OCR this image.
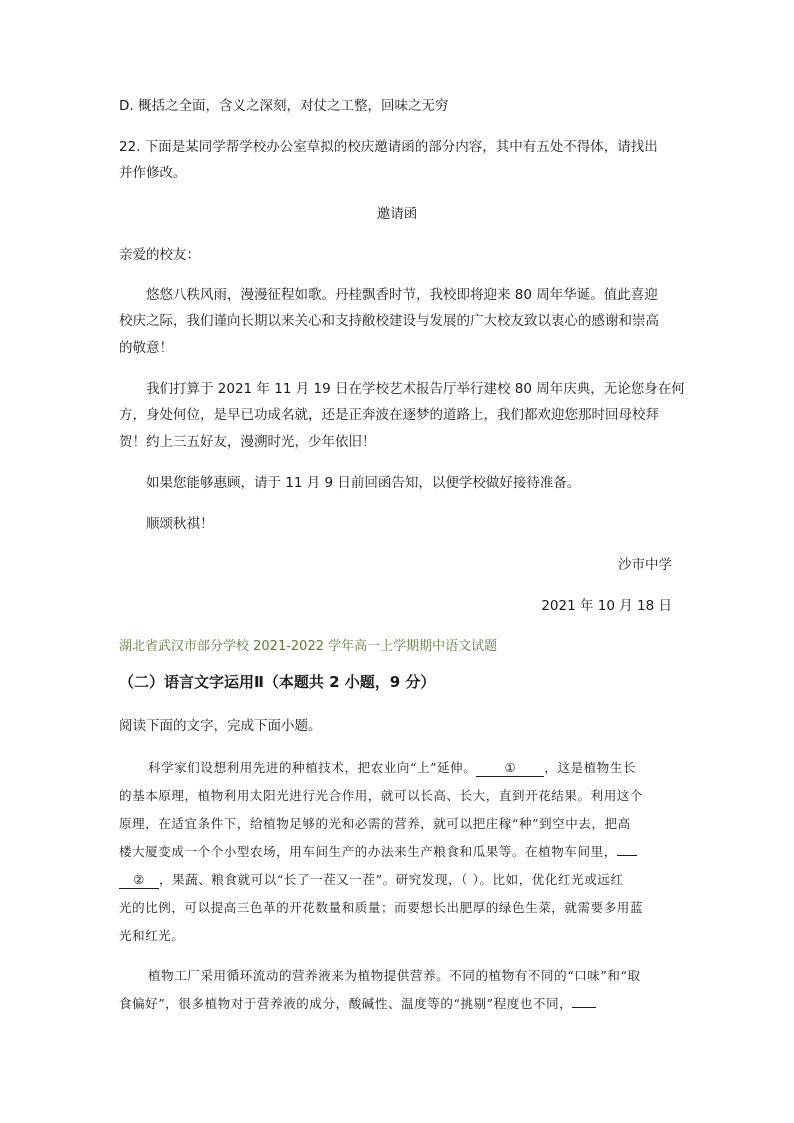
D. 概括之全面，含义之深刻，对仗之工整，回味之无穷

22. 下面是某同学帮学校办公室草拟的校庆邀请函的部分内容，其中有五处不得体，请找出

并作修改。

邀请函

亲爱的校友：

悠悠八秩风雨，漫漫征程如歌。丹桂飘香时节，我校即将迎来 80 周年华诞。值此喜迎

校庆之际，我们谨向长期以来关心和支持敝校建设与发展的广大校友致以衷心的感谢和崇高

的敬意！

我们打算于 2021 年 11 月 19 日在学校艺术报告厅举行建校 80 周年庆典，无论您身在何

方，身处何位，是早已功成名就，还是正奔波在逐梦的道路上，我们都欢迎您那时回母校拜

贺！约上三五好友，漫溯时光，少年依旧！

如果您能够惠顾，请于 11 月 9 日前回函告知，以便学校做好接待准备。

顺颂秋祺！

沙市中学

2021 年 10 月 18 日

湖北省武汉市部分学校 2021-2022 学年高一上学期期中语文试题

（二）语言文字运用Ⅱ（本题共 2 小题，9 分）

阅读下面的文字，完成下面小题。

科学家们设想利用先进的种植技术，把农业向“上”延伸。 ① ，这是植物生长

的基本原理，植物利用太阳光进行光合作用，就可以长高、长大，直到开花结果。利用这个

原理，在适宜条件下，给植物足够的光和必需的营养，就可以把庄稼“种”到空中去，把高

楼大厦变成一个个小型农场，用车间生产的办法来生产粮食和瓜果等。在植物车间里，

② ，果蔬、粮食就可以“长了一茬又一茬”。研究发现，（ ）。比如，优化红光或远红

光的比例，可以提高三色革的开花数量和质量；而要想长出肥厚的绿色生菜，就需要多用蓝

光和红光。

植物工厂采用循环流动的营养液来为植物提供营养。不同的植物有不同的“口味”和“取

食偏好”，很多植物对于营养液的成分，酸碱性、温度等的“挑剔”程度也不同，
